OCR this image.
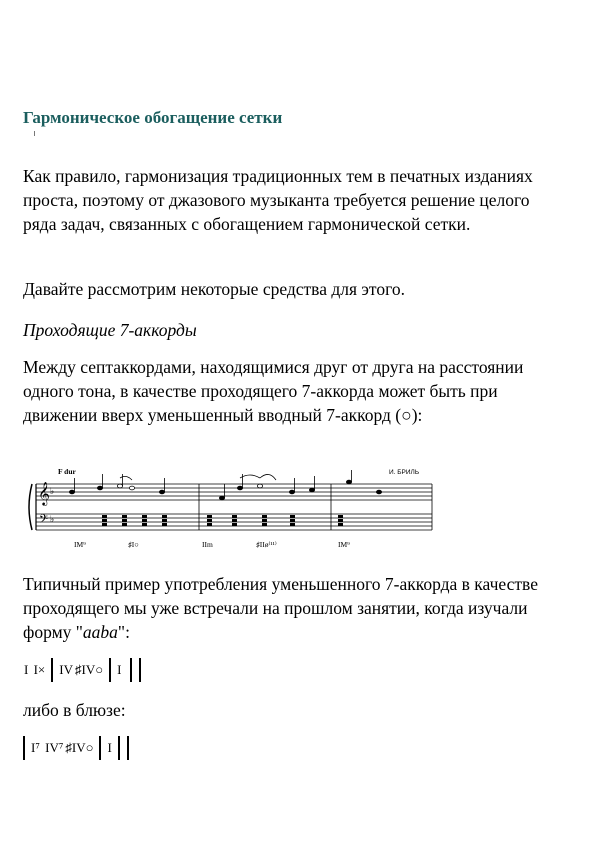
Гармоническое обогащение сетки

Как правило, гармонизация традиционных тем в печатных изданиях проста, поэтому от джазового музыканта требуется решение целого ряда задач, связанных с обогащением гармонической сетки.

Давайте рассмотрим некоторые средства для этого.

Проходящие 7-аккорды

Между септаккордами, находящимися друг от друга на расстоянии одного тона, в качестве проходящего 7-аккорда может быть при движении вверх уменьшенный вводный 7-аккорд (○):

𝄞
𝄢
♭
♭
F dur	И. БРИЛЬ
IM⁹	♯I○	IIm	♯IIø⁽¹¹⁾	IM⁹

Типичный пример употребления уменьшенного 7-аккорда в качестве проходящего мы уже встречали на прошлом занятии, когда изучали форму "aaba":

I
I× IV ♯IV○ I

либо в блюзе:

I⁷
IV⁷ ♯IV○ I
